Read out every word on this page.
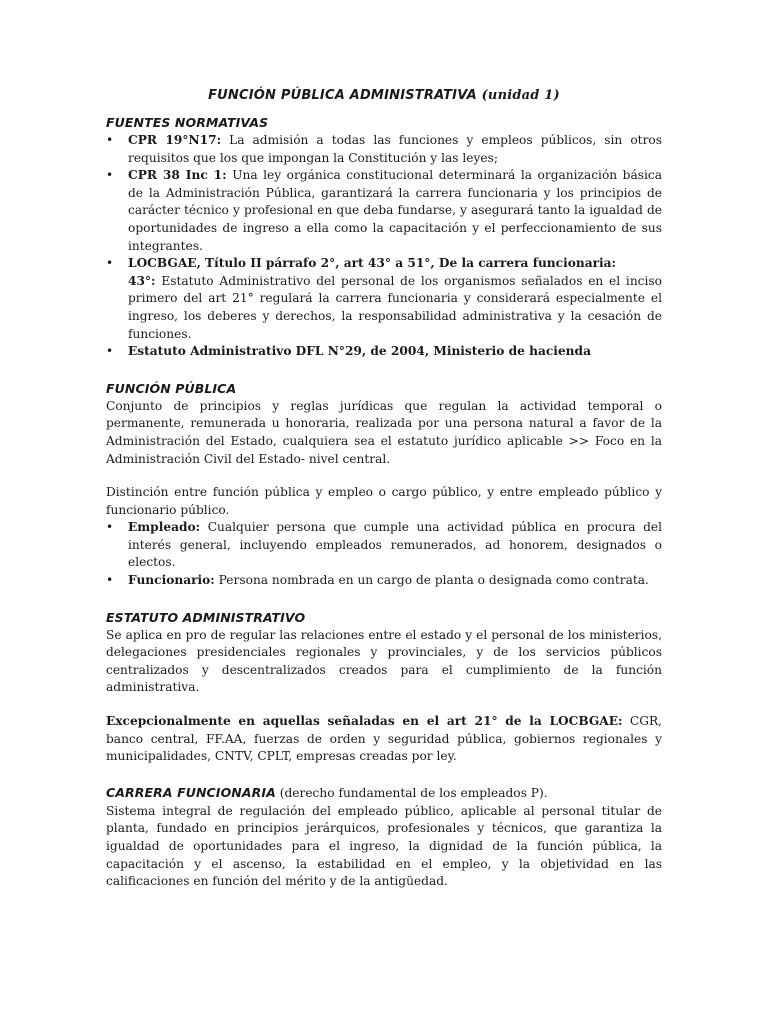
FUNCIÓN PÚBLICA ADMINISTRATIVA (unidad 1)
FUENTES NORMATIVAS
• CPR 19°N17: La admisión a todas las funciones y empleos públicos, sin otros requisitos que los que impongan la Constitución y las leyes;
• CPR 38 Inc 1: Una ley orgánica constitucional determinará la organización básica de la Administración Pública, garantizará la carrera funcionaria y los principios de carácter técnico y profesional en que deba fundarse, y asegurará tanto la igualdad de oportunidades de ingreso a ella como la capacitación y el perfeccionamiento de sus integrantes.
• LOCBGAE, Título II párrafo 2°, art 43° a 51°, De la carrera funcionaria:
43°: Estatuto Administrativo del personal de los organismos señalados en el inciso primero del art 21° regulará la carrera funcionaria y considerará especialmente el ingreso, los deberes y derechos, la responsabilidad administrativa y la cesación de funciones.
• Estatuto Administrativo DFL N°29, de 2004, Ministerio de hacienda
FUNCIÓN PÚBLICA

Conjunto de principios y reglas jurídicas que regulan la actividad temporal o permanente, remunerada u honoraria, realizada por una persona natural a favor de la Administración del Estado, cualquiera sea el estatuto jurídico aplicable >> Foco en la Administración Civil del Estado- nivel central.

Distinción entre función pública y empleo o cargo público, y entre empleado público y funcionario público.

• Empleado: Cualquier persona que cumple una actividad pública en procura del interés general, incluyendo empleados remunerados, ad honorem, designados o electos.
• Funcionario: Persona nombrada en un cargo de planta o designada como contrata.
ESTATUTO ADMINISTRATIVO

Se aplica en pro de regular las relaciones entre el estado y el personal de los ministerios, delegaciones presidenciales regionales y provinciales, y de los servicios públicos centralizados y descentralizados creados para el cumplimiento de la función administrativa.

Excepcionalmente en aquellas señaladas en el art 21° de la LOCBGAE: CGR, banco central, FF.AA, fuerzas de orden y seguridad pública, gobiernos regionales y municipalidades, CNTV, CPLT, empresas creadas por ley.

CARRERA FUNCIONARIA (derecho fundamental de los empleados P).

Sistema integral de regulación del empleado público, aplicable al personal titular de planta, fundado en principios jerárquicos, profesionales y técnicos, que garantiza la igualdad de oportunidades para el ingreso, la dignidad de la función pública, la capacitación y el ascenso, la estabilidad en el empleo, y la objetividad en las calificaciones en función del mérito y de la antigüedad.
